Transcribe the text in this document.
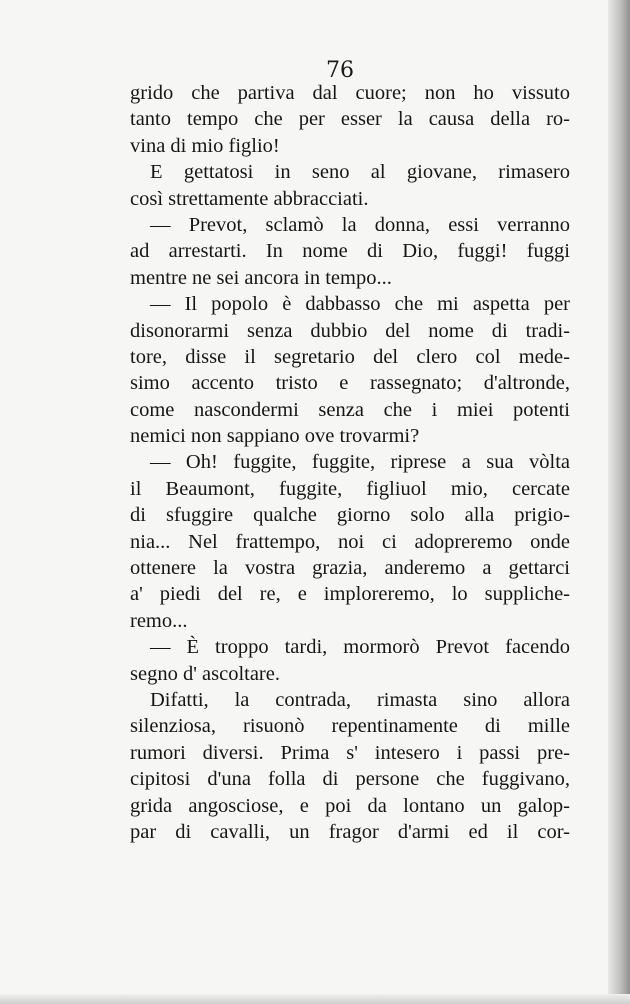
76
grido che partiva dal cuore; non ho vissuto
tanto tempo che per esser la causa della ro-
vina di mio figlio!
E gettatosi in seno al giovane, rimasero
così strettamente abbracciati.
— Prevot, sclamò la donna, essi verranno
ad arrestarti. In nome di Dio, fuggi! fuggi
mentre ne sei ancora in tempo...
— Il popolo è dabbasso che mi aspetta per
disonorarmi senza dubbio del nome di tradi-
tore, disse il segretario del clero col mede-
simo accento tristo e rassegnato; d'altronde,
come nascondermi senza che i miei potenti
nemici non sappiano ove trovarmi?
— Oh! fuggite, fuggite, riprese a sua vòlta
il Beaumont, fuggite, figliuol mio, cercate
di sfuggire qualche giorno solo alla prigio-
nia... Nel frattempo, noi ci adopreremo onde
ottenere la vostra grazia, anderemo a gettarci
a' piedi del re, e imploreremo, lo suppliche-
remo...
— È troppo tardi, mormorò Prevot facendo
segno d' ascoltare.
Difatti, la contrada, rimasta sino allora
silenziosa, risuonò repentinamente di mille
rumori diversi. Prima s' intesero i passi pre-
cipitosi d'una folla di persone che fuggivano,
grida angosciose, e poi da lontano un galop-
par di cavalli, un fragor d'armi ed il cor-
